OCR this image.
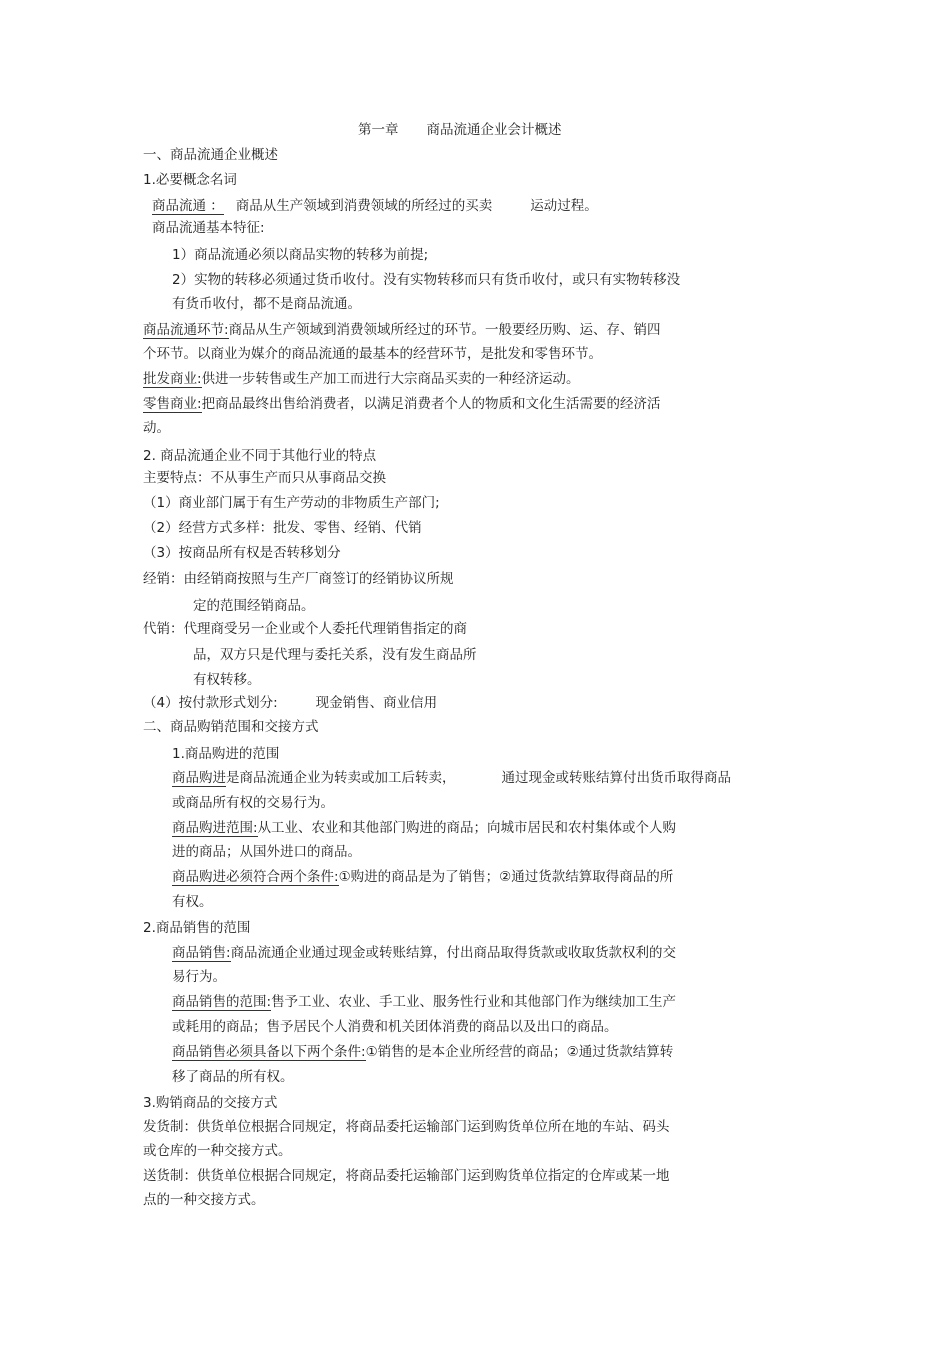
第一章 商品流通企业会计概述
一、商品流通企业概述
1.必要概念名词
商品流通 ： 商品从生产领域到消费领域的所经过的买卖	运动过程。
商品流通基本特征:
1）商品流通必须以商品实物的转移为前提;
2）实物的转移必须通过货币收付。没有实物转移而只有货币收付，或只有实物转移没
有货币收付，都不是商品流通。
商品流通环节:商品从生产领域到消费领域所经过的环节。一般要经历购、运、存、销四
个环节。以商业为媒介的商品流通的最基本的经营环节，是批发和零售环节。
批发商业:供进一步转售或生产加工而进行大宗商品买卖的一种经济运动。
零售商业:把商品最终出售给消费者，以满足消费者个人的物质和文化生活需要的经济活
动。
2. 商品流通企业不同于其他行业的特点
主要特点：不从事生产而只从事商品交换
（1）商业部门属于有生产劳动的非物质生产部门;
（2）经营方式多样：批发、零售、经销、代销
（3）按商品所有权是否转移划分
经销：由经销商按照与生产厂商签订的经销协议所规
定的范围经销商品。
代销：代理商受另一企业或个人委托代理销售指定的商
品，双方只是代理与委托关系，没有发生商品所
有权转移。
（4）按付款形式划分:	现金销售、商业信用
二、商品购销范围和交接方式
1.商品购进的范围
商品购进是商品流通企业为转卖或加工后转卖，	通过现金或转账结算付出货币取得商品
或商品所有权的交易行为。
商品购进范围:从工业、农业和其他部门购进的商品；向城市居民和农村集体或个人购
进的商品；从国外进口的商品。
商品购进必须符合两个条件:①购进的商品是为了销售；②通过货款结算取得商品的所
有权。
2.商品销售的范围
商品销售:商品流通企业通过现金或转账结算，付出商品取得货款或收取货款权利的交
易行为。
商品销售的范围:售予工业、农业、手工业、服务性行业和其他部门作为继续加工生产
或耗用的商品；售予居民个人消费和机关团体消费的商品以及出口的商品。
商品销售必须具备以下两个条件:①销售的是本企业所经营的商品；②通过货款结算转
移了商品的所有权。
3.购销商品的交接方式
发货制：供货单位根据合同规定，将商品委托运输部门运到购货单位所在地的车站、码头
或仓库的一种交接方式。
送货制：供货单位根据合同规定，将商品委托运输部门运到购货单位指定的仓库或某一地
点的一种交接方式。
